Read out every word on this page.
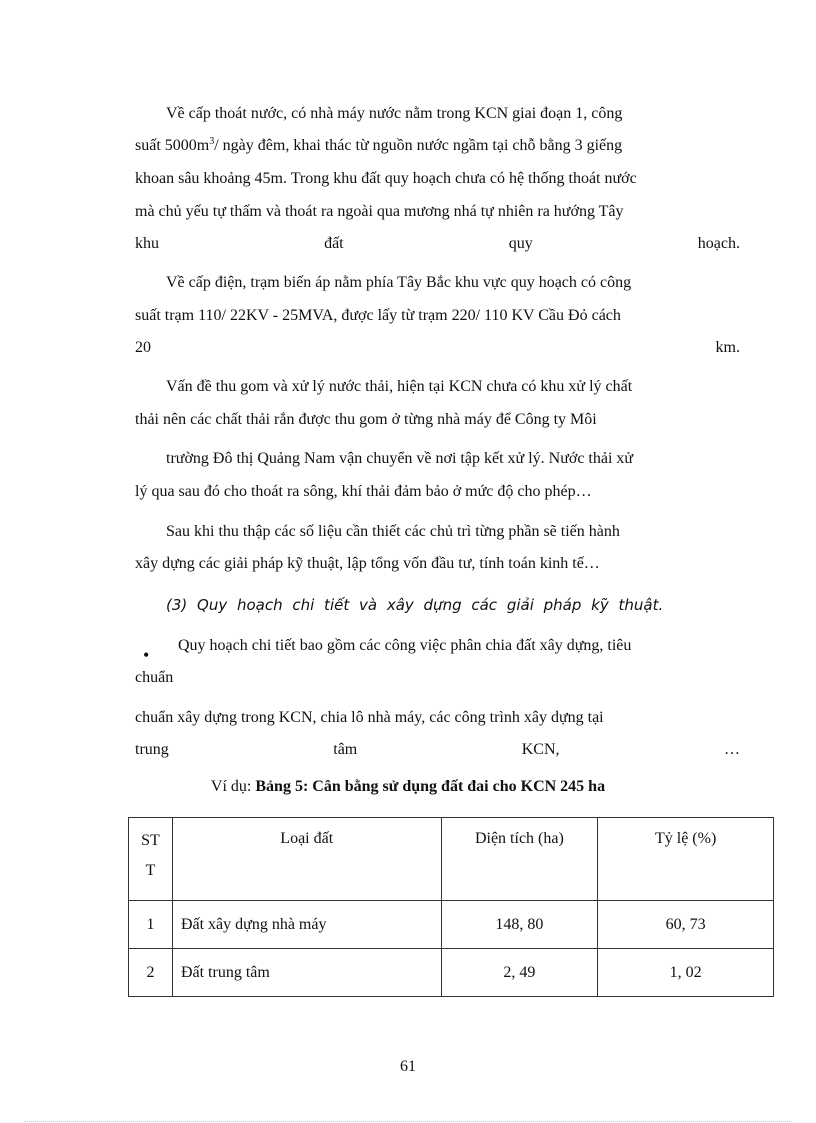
Về cấp thoát nước, có nhà máy nước nằm trong KCN giai đoạn 1, công
suất $5000m^3/$ ngày đêm, khai thác từ nguồn nước ngầm tại chỗ bằng 3 giếng
khoan sâu khoảng 45m. Trong khu đất quy hoạch chưa có hệ thống thoát nước
mà chủ yếu tự thấm và thoát ra ngoài qua mương nhá tự nhiên ra hướng Tây
khu	đất	quy	hoạch.
Về cấp điện, trạm biến áp nằm phía Tây Bắc khu vực quy hoạch có công
suất trạm 110/ 22KV - 25MVA, được lấy từ trạm 220/ 110 KV Cầu Đỏ cách
20	km.
Vấn đề thu gom và xử lý nước thải, hiện tại KCN chưa có khu xử lý chất
thải nên các chất thải rắn được thu gom ở từng nhà máy để Công ty Môi
trường Đô thị Quảng Nam vận chuyển về nơi tập kết xử lý. Nước thải xử
lý qua sau đó cho thoát ra sông, khí thải đảm bảo ở mức độ cho phép…
Sau khi thu thập các số liệu cần thiết các chủ trì từng phần sẽ tiến hành
xây dựng các giải pháp kỹ thuật, lập tổng vốn đầu tư, tính toán kinh tế…
(3) Quy hoạch chi tiết và xây dựng các giải pháp kỹ thuật.
• Quy hoạch chi tiết bao gồm các công việc phân chia đất xây dựng, tiêu
chuẩn
chuẩn xây dựng trong KCN, chia lô nhà máy, các công trình xây dựng tại
trung	tâm	KCN,	…
Ví dụ: Bảng 5: Cân bằng sử dụng đất đai cho KCN 245 ha
ST
T	Loại đất	Diện tích (ha)	Tỷ lệ (%)
1	Đất xây dựng nhà máy	148, 80	60, 73
2	Đất trung tâm	2, 49	1, 02
61
